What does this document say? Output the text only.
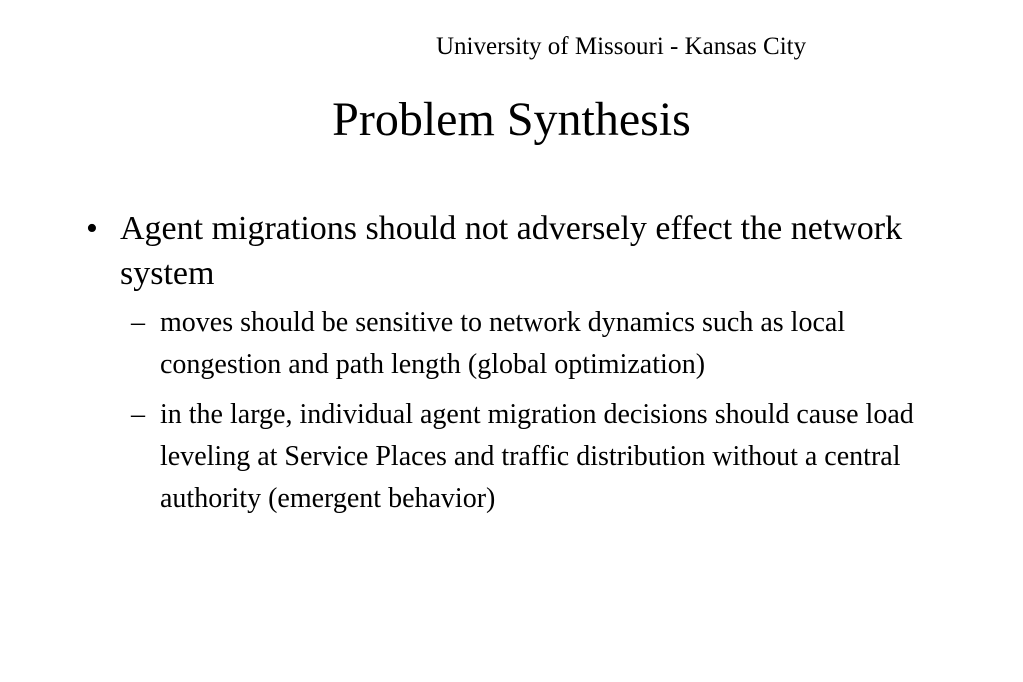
University of Missouri - Kansas City
Problem Synthesis
• Agent migrations should not adversely effect the network system
– moves should be sensitive to network dynamics such as local congestion and path length (global optimization)
– in the large, individual agent migration decisions should cause load leveling at Service Places and traffic distribution without a central authority (emergent behavior)
